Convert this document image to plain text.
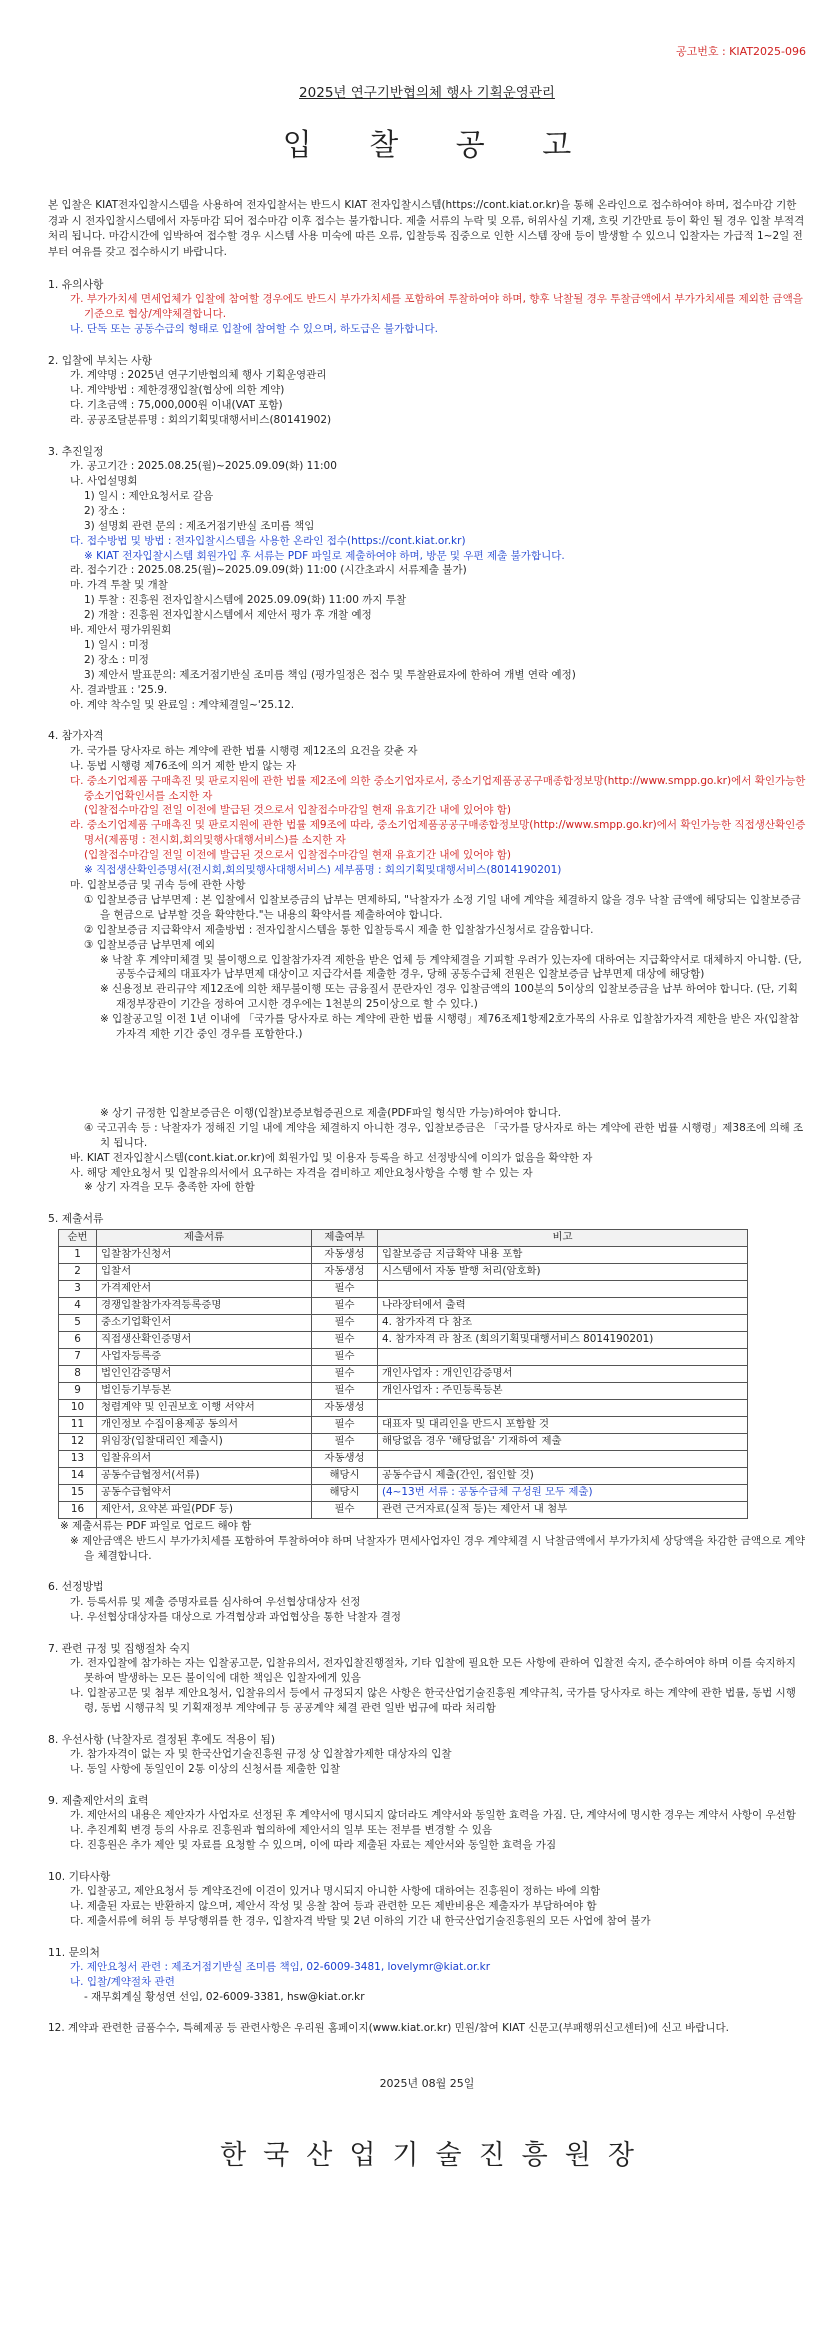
공고번호 : KIAT2025-096
2025년 연구기반협의체 행사 기획운영관리
입 찰 공 고

본 입찰은 KIAT전자입찰시스템을 사용하여 전자입찰서는 반드시 KIAT 전자입찰시스템(https://cont.kiat.or.kr)을 통해 온라인으로 접수하여야 하며, 접수마감 기한 경과 시 전자입찰시스템에서 자동마감 되어 접수마감 이후 접수는 불가합니다. 제출 서류의 누락 및 오류, 허위사실 기재, 흐릿 기간만료 등이 확인 될 경우 입찰 부적격 처리 됩니다. 마감시간에 임박하여 접수할 경우 시스템 사용 미숙에 따른 오류, 입찰등록 집중으로 인한 시스템 장애 등이 발생할 수 있으니 입찰자는 가급적 1~2일 전부터 여유를 갖고 접수하시기 바랍니다.

1. 유의사항
가. 부가가치세 면세업체가 입찰에 참여할 경우에도 반드시 부가가치세를 포함하여 투찰하여야 하며, 향후 낙찰될 경우 투찰금액에서 부가가치세를 제외한 금액을 기준으로 협상/계약체결합니다.
나. 단독 또는 공동수급의 형태로 입찰에 참여할 수 있으며, 하도급은 불가합니다.
2. 입찰에 부치는 사항
가. 계약명 : 2025년 연구기반협의체 행사 기획운영관리
나. 계약방법 : 제한경쟁입찰(협상에 의한 계약)
다. 기초금액 : 75,000,000원 이내(VAT 포함)
라. 공공조달분류명 : 회의기획및대행서비스(80141902)
3. 추진일정
가. 공고기간 : 2025.08.25(월)~2025.09.09(화) 11:00
나. 사업설명회
1) 일시 : 제안요청서로 갈음
2) 장소 :
3) 설명회 관련 문의 : 제조거점기반실 조미름 책임
다. 접수방법 및 방법 : 전자입찰시스템을 사용한 온라인 접수(https://cont.kiat.or.kr)
※ KIAT 전자입찰시스템 회원가입 후 서류는 PDF 파일로 제출하여야 하며, 방문 및 우편 제출 불가합니다.
라. 접수기간 : 2025.08.25(월)~2025.09.09(화) 11:00 (시간초과시 서류제출 불가)
마. 가격 투찰 및 개찰
1) 투찰 : 진흥원 전자입찰시스템에 2025.09.09(화) 11:00 까지 투찰
2) 개찰 : 진흥원 전자입찰시스템에서 제안서 평가 후 개찰 예정
바. 제안서 평가위원회
1) 일시 : 미정
2) 장소 : 미정
3) 제안서 발표문의: 제조거점기반실 조미름 책임 (평가일정은 접수 및 투찰완료자에 한하여 개별 연락 예정)
사. 결과발표 : '25.9.
아. 계약 착수일 및 완료일 : 계약체결일~'25.12.
4. 참가자격
가. 국가를 당사자로 하는 계약에 관한 법률 시행령 제12조의 요건을 갖춘 자
나. 동법 시행령 제76조에 의거 제한 받지 않는 자
다. 중소기업제품 구매촉진 및 판로지원에 관한 법률 제2조에 의한 중소기업자로서, 중소기업제품공공구매종합정보망(http://www.smpp.go.kr)에서 확인가능한 중소기업확인서를 소지한 자
(입찰접수마감일 전일 이전에 발급된 것으로서 입찰접수마감일 현재 유효기간 내에 있어야 함)
라. 중소기업제품 구매촉진 및 판로지원에 관한 법률 제9조에 따라, 중소기업제품공공구매종합정보망(http://www.smpp.go.kr)에서 확인가능한 직접생산확인증명서(제품명 : 전시회,회의및행사대행서비스)를 소지한 자
(입찰접수마감일 전일 이전에 발급된 것으로서 입찰접수마감일 현재 유효기간 내에 있어야 함)
※ 직접생산확인증명서(전시회,회의및행사대행서비스) 세부품명 : 회의기획및대행서비스(8014190201)
마. 입찰보증금 및 귀속 등에 관한 사항
① 입찰보증금 납부면제 : 본 입찰에서 입찰보증금의 납부는 면제하되, "낙찰자가 소정 기일 내에 계약을 체결하지 않을 경우 낙찰 금액에 해당되는 입찰보증금을 현금으로 납부할 것을 확약한다."는 내용의 확약서를 제출하여야 합니다.
② 입찰보증금 지급확약서 제출방법 : 전자입찰시스템을 통한 입찰등록시 제출 한 입찰참가신청서로 갈음합니다.
③ 입찰보증금 납부면제 예외
※ 낙찰 후 계약미체결 및 불이행으로 입찰참가자격 제한을 받은 업체 등 계약체결을 기피할 우려가 있는자에 대하여는 지급확약서로 대체하지 아니함. (단, 공동수급체의 대표자가 납부면제 대상이고 지급각서를 제출한 경우, 당해 공동수급체 전원은 입찰보증금 납부면제 대상에 해당함)
※ 신용정보 관리규약 제12조에 의한 채무불이행 또는 금융질서 문란자인 경우 입찰금액의 100분의 5이상의 입찰보증금을 납부 하여야 합니다. (단, 기획재정부장관이 기간을 정하여 고시한 경우에는 1천분의 25이상으로 할 수 있다.)
※ 입찰공고일 이전 1년 이내에 「국가를 당사자로 하는 계약에 관한 법률 시행령」제76조제1항제2호가목의 사유로 입찰참가자격 제한을 받은 자(입찰참가자격 제한 기간 중인 경우를 포함한다.)
※ 상기 규정한 입찰보증금은 이행(입찰)보증보험증권으로 제출(PDF파일 형식만 가능)하여야 합니다.
④ 국고귀속 등 : 낙찰자가 정해진 기일 내에 계약을 체결하지 아니한 경우, 입찰보증금은 「국가를 당사자로 하는 계약에 관한 법률 시행령」제38조에 의해 조치 됩니다.
바. KIAT 전자입찰시스템(cont.kiat.or.kr)에 회원가입 및 이용자 등록을 하고 선정방식에 이의가 없음을 확약한 자
사. 해당 제안요청서 및 입찰유의서에서 요구하는 자격을 겸비하고 제안요청사항을 수행 할 수 있는 자
※ 상기 자격을 모두 충족한 자에 한함
5. 제출서류
순번	제출서류	제출여부	비고
1	입찰참가신청서	자동생성	입찰보증금 지급확약 내용 포함
2	입찰서	자동생성	시스템에서 자동 발행 처리(암호화)
3	가격제안서	필수	
4	경쟁입찰참가자격등록증명	필수	나라장터에서 출력
5	중소기업확인서	필수	4. 참가자격 다 참조
6	직접생산확인증명서	필수	4. 참가자격 라 참조 (회의기획및대행서비스 8014190201)
7	사업자등록증	필수	
8	법인인감증명서	필수	개인사업자 : 개인인감증명서
9	법인등기부등본	필수	개인사업자 : 주민등록등본
10	청렴계약 및 인권보호 이행 서약서	자동생성	
11	개인정보 수집이용제공 동의서	필수	대표자 및 대리인을 반드시 포함할 것
12	위임장(입찰대리인 제출시)	필수	해당없음 경우 '해당없음' 기재하여 제출
13	입찰유의서	자동생성	
14	공동수급협정서(서류)	해당시	공동수급시 제출(간인, 접인할 것)
15	공동수급협약서	해당시	(4~13번 서류 : 공동수급체 구성원 모두 제출)
16	제안서, 요약본 파일(PDF 등)	필수	관련 근거자료(실적 등)는 제안서 내 첨부
※ 제출서류는 PDF 파일로 업로드 해야 함
※ 제안금액은 반드시 부가가치세를 포함하여 투찰하여야 하며 낙찰자가 면세사업자인 경우 계약체결 시 낙찰금액에서 부가가치세 상당액을 차감한 금액으로 계약을 체결합니다.
6. 선정방법
가. 등록서류 및 제출 증명자료를 심사하여 우선협상대상자 선정
나. 우선협상대상자를 대상으로 가격협상과 과업협상을 통한 낙찰자 결정
7. 관련 규정 및 집행절차 숙지
가. 전자입찰에 참가하는 자는 입찰공고문, 입찰유의서, 전자입찰진행절차, 기타 입찰에 필요한 모든 사항에 관하여 입찰전 숙지, 준수하여야 하며 이를 숙지하지 못하여 발생하는 모든 불이익에 대한 책임은 입찰자에게 있음
나. 입찰공고문 및 첨부 제안요청서, 입찰유의서 등에서 규정되지 않은 사항은 한국산업기술진흥원 계약규칙, 국가를 당사자로 하는 계약에 관한 법률, 동법 시행령, 동법 시행규칙 및 기획재정부 계약예규 등 공공계약 체결 관련 일반 법규에 따라 처리함
8. 우선사항 (낙찰자로 결정된 후에도 적용이 됨)
가. 참가자격이 없는 자 및 한국산업기술진흥원 규정 상 입찰참가제한 대상자의 입찰
나. 동일 사항에 동일인이 2통 이상의 신청서를 제출한 입찰
9. 제출제안서의 효력
가. 제안서의 내용은 제안자가 사업자로 선정된 후 계약서에 명시되지 않더라도 계약서와 동일한 효력을 가짐. 단, 계약서에 명시한 경우는 계약서 사항이 우선함
나. 추진계획 변경 등의 사유로 진흥원과 협의하에 제안서의 일부 또는 전부를 변경할 수 있음
다. 진흥원은 추가 제안 및 자료를 요청할 수 있으며, 이에 따라 제출된 자료는 제안서와 동일한 효력을 가짐
10. 기타사항
가. 입찰공고, 제안요청서 등 계약조건에 이견이 있거나 명시되지 아니한 사항에 대하여는 진흥원이 정하는 바에 의함
나. 제출된 자료는 반환하지 않으며, 제안서 작성 및 응찰 참여 등과 관련한 모든 제반비용은 제출자가 부담하여야 함
다. 제출서류에 허위 등 부당행위를 한 경우, 입찰자격 박탈 및 2년 이하의 기간 내 한국산업기술진흥원의 모든 사업에 참여 불가
11. 문의처
가. 제안요청서 관련 : 제조거점기반실 조미름 책임, 02-6009-3481, lovelymr@kiat.or.kr
나. 입찰/계약절차 관련
- 재무회계실 황성연 선임, 02-6009-3381, hsw@kiat.or.kr
12. 계약과 관련한 금품수수, 특혜제공 등 관련사항은 우리원 홈페이지(www.kiat.or.kr) 민원/참여 KIAT 신문고(부패행위신고센터)에 신고 바랍니다.
2025년 08월 25일
한국산업기술진흥원장
